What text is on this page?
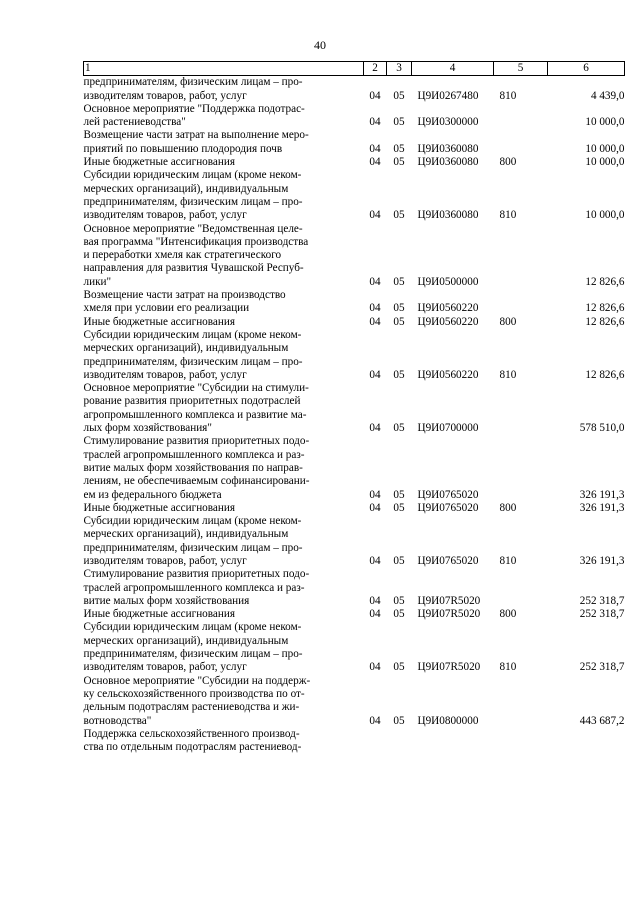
40
1	2	3	4	5	6

предпринимателям, физическим лицам – про-
изводителям товаров, работ, услуг	04	05	Ц9И0267480	810	4 439,0

Основное мероприятие "Поддержка подотрас-
лей растениеводства"	04	05	Ц9И0300000		10 000,0

Возмещение части затрат на выполнение меро-
приятий по повышению плодородия почв	04	05	Ц9И0360080		10 000,0

Иные бюджетные ассигнования	04	05	Ц9И0360080	800	10 000,0

Субсидии юридическим лицам (кроме неком-
мерческих организаций), индивидуальным
предпринимателям, физическим лицам – про-
изводителям товаров, работ, услуг	04	05	Ц9И0360080	810	10 000,0

Основное мероприятие "Ведомственная целе-
вая программа "Интенсификация производства
и переработки хмеля как стратегического
направления для развития Чувашской Респуб-
лики"	04	05	Ц9И0500000		12 826,6

Возмещение части затрат на производство
хмеля при условии его реализации	04	05	Ц9И0560220		12 826,6

Иные бюджетные ассигнования	04	05	Ц9И0560220	800	12 826,6

Субсидии юридическим лицам (кроме неком-
мерческих организаций), индивидуальным
предпринимателям, физическим лицам – про-
изводителям товаров, работ, услуг	04	05	Ц9И0560220	810	12 826,6

Основное мероприятие "Субсидии на стимули-
рование развития приоритетных подотраслей
агропромышленного комплекса и развитие ма-
лых форм хозяйствования"	04	05	Ц9И0700000		578 510,0

Стимулирование развития приоритетных подо-
траслей агропромышленного комплекса и раз-
витие малых форм хозяйствования по направ-
лениям, не обеспечиваемым софинансировани-
ем из федерального бюджета	04	05	Ц9И0765020		326 191,3

Иные бюджетные ассигнования	04	05	Ц9И0765020	800	326 191,3

Субсидии юридическим лицам (кроме неком-
мерческих организаций), индивидуальным
предпринимателям, физическим лицам – про-
изводителям товаров, работ, услуг	04	05	Ц9И0765020	810	326 191,3

Стимулирование развития приоритетных подо-
траслей агропромышленного комплекса и раз-
витие малых форм хозяйствования	04	05	Ц9И07R5020		252 318,7

Иные бюджетные ассигнования	04	05	Ц9И07R5020	800	252 318,7

Субсидии юридическим лицам (кроме неком-
мерческих организаций), индивидуальным
предпринимателям, физическим лицам – про-
изводителям товаров, работ, услуг	04	05	Ц9И07R5020	810	252 318,7

Основное мероприятие "Субсидии на поддерж-
ку сельскохозяйственного производства по от-
дельным подотраслям растениеводства и жи-
вотноводства"	04	05	Ц9И0800000		443 687,2

Поддержка сельскохозяйственного производ-
ства по отдельным подотраслям растениевод-					
